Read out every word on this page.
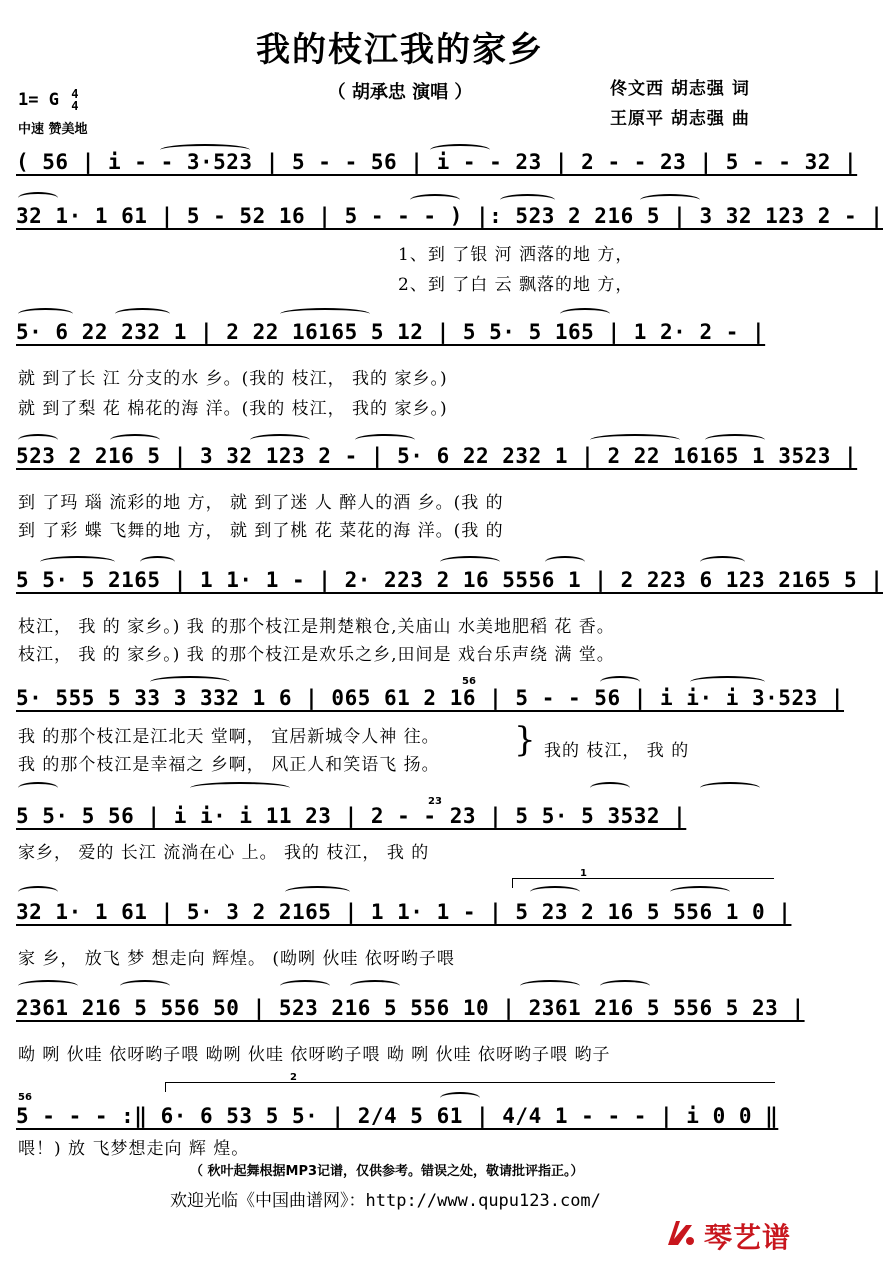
我的枝江我的家乡
（ 胡承忠 演唱 ）	佟文西 胡志强 词
王原平 胡志强 曲
1= G 4
4
中速 赞美地
( 56 | i - - 3·523 | 5 - - 56 | i - - 23 | 2 - - 23 | 5 - - 32 |
32 1· 1 61 | 5 - 52 16 | 5 - - - ) |: 523 2 216 5 | 3 32 123 2 - |
1、到 了银 河 洒落的地 方，
2、到 了白 云 飘落的地 方，
5· 6 22 232 1 | 2 22 16165 5 12 | 5 5· 5 165 | 1 2· 2 - |
就 到了长 江 分支的水 乡。(我的 枝江， 我的 家乡。)
就 到了梨 花 棉花的海 洋。(我的 枝江， 我的 家乡。)
523 2 216 5 | 3 32 123 2 - | 5· 6 22 232 1 | 2 22 16165 1 3523 |
到 了玛 瑙 流彩的地 方， 就 到了迷 人 醉人的酒 乡。(我 的
到 了彩 蝶 飞舞的地 方， 就 到了桃 花 菜花的海 洋。(我 的
5 5· 5 2165 | 1 1· 1 - | 2· 223 2 16 5556 1 | 2 223 6 123 2165 5 |
枝江， 我 的 家乡。) 我 的那个枝江是荆楚粮仓,关庙山 水美地肥稻 花 香。
枝江， 我 的 家乡。) 我 的那个枝江是欢乐之乡,田间是 戏台乐声绕 满 堂。
56
5· 555 5 33 3 332 1 6 | 065 61 2 16 | 5 - - 56 | i i· i 3·523 |
我 的那个枝江是江北天 堂啊， 宜居新城令人神 往。
我 的那个枝江是幸福之 乡啊， 风正人和笑语飞 扬。
} 我的 枝江， 我 的
23
5 5· 5 56 | i i· i 11 23 | 2 - - 23 | 5 5· 5 3532 |
家乡， 爱的 长江 流淌在心 上。 我的 枝江， 我 的
1
32 1· 1 61 | 5· 3 2 2165 | 1 1· 1 - | 5 23 2 16 5 556 1 0 |
家 乡， 放飞 梦 想走向 辉煌。 (呦咧 伙哇 依呀哟子喂
2361 216 5 556 50 | 523 216 5 556 10 | 2361 216 5 556 5 23 |
呦 咧 伙哇 依呀哟子喂 呦咧 伙哇 依呀哟子喂 呦 咧 伙哇 依呀哟子喂 哟子
2
56
5 - - - :‖ 6· 6 53 5 5· | 2/4 5 61 | 4/4 1 - - - | i 0 0 ‖
喂！) 放 飞梦想走向 辉 煌。
（ 秋叶起舞根据MP3记谱，仅供参考。错误之处，敬请批评指正。）
欢迎光临《中国曲谱网》：http://www.qupu123.com/
琴艺谱
